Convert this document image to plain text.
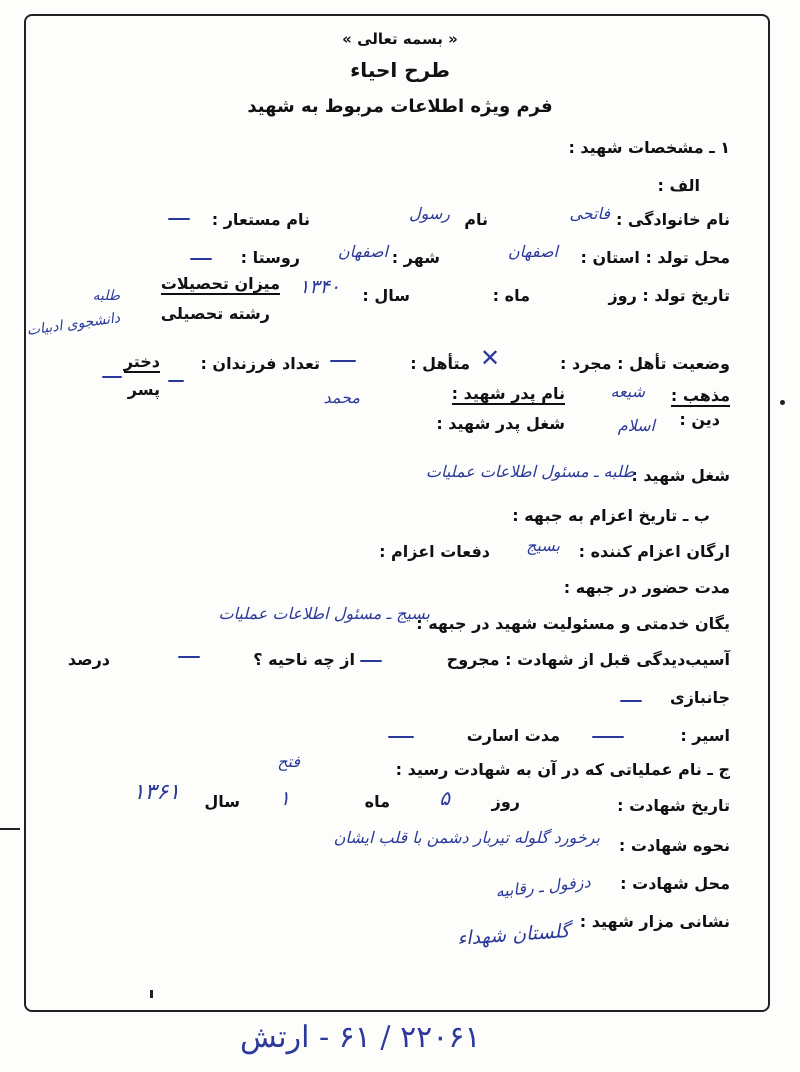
« بسمه تعالی »
طرح احیاء
فرم ویژه اطلاعات مربوط به شهید
۱ ـ مشخصات شهید :
الف :
نام خانوادگی :
فاتحی
نام
رسول
نام مستعار :
محل تولد : استان :
اصفهان
شهر :
اصفهان
روستا :
تاریخ تولد : روز
ماه :
سال :
۱۳۴۰
میزان تحصیلات
طلبه
رشته تحصیلی
دانشجوی ادبیات
وضعیت تأهل : مجرد :
✕
متأهل :
تعداد فرزندان :
دختر
پسر	مذهب :
شیعه
دین :
اسلام
نام پدر شهید :
محمد
شغل پدر شهید :
شغل شهید :
طلبه ـ مسئول اطلاعات عملیات
ب ـ تاریخ اعزام به جبهه :
ارگان اعزام کننده :
بسیج
دفعات اعزام :
مدت حضور در جبهه :
یگان خدمتی و مسئولیت شهید در جبهه :
بسیج ـ مسئول اطلاعات عملیات
آسیب‌دیدگی قبل از شهادت : مجروح
از چه ناحیه ؟
درصد
جانبازی
اسیر :
مدت اسارت
ج ـ نام عملیاتی که در آن به شهادت رسید :
فتح
تاریخ شهادت :
روز
۵
ماه
۱
سال
۱۳۶۱
نحوه شهادت :
برخورد گلوله تیربار دشمن با قلب ایشان
محل شهادت :
دزفول ـ رقابیه
نشانی مزار شهید :
گلستان شهداء
۲۲۰۶۱ / ۶۱ - ارتش
